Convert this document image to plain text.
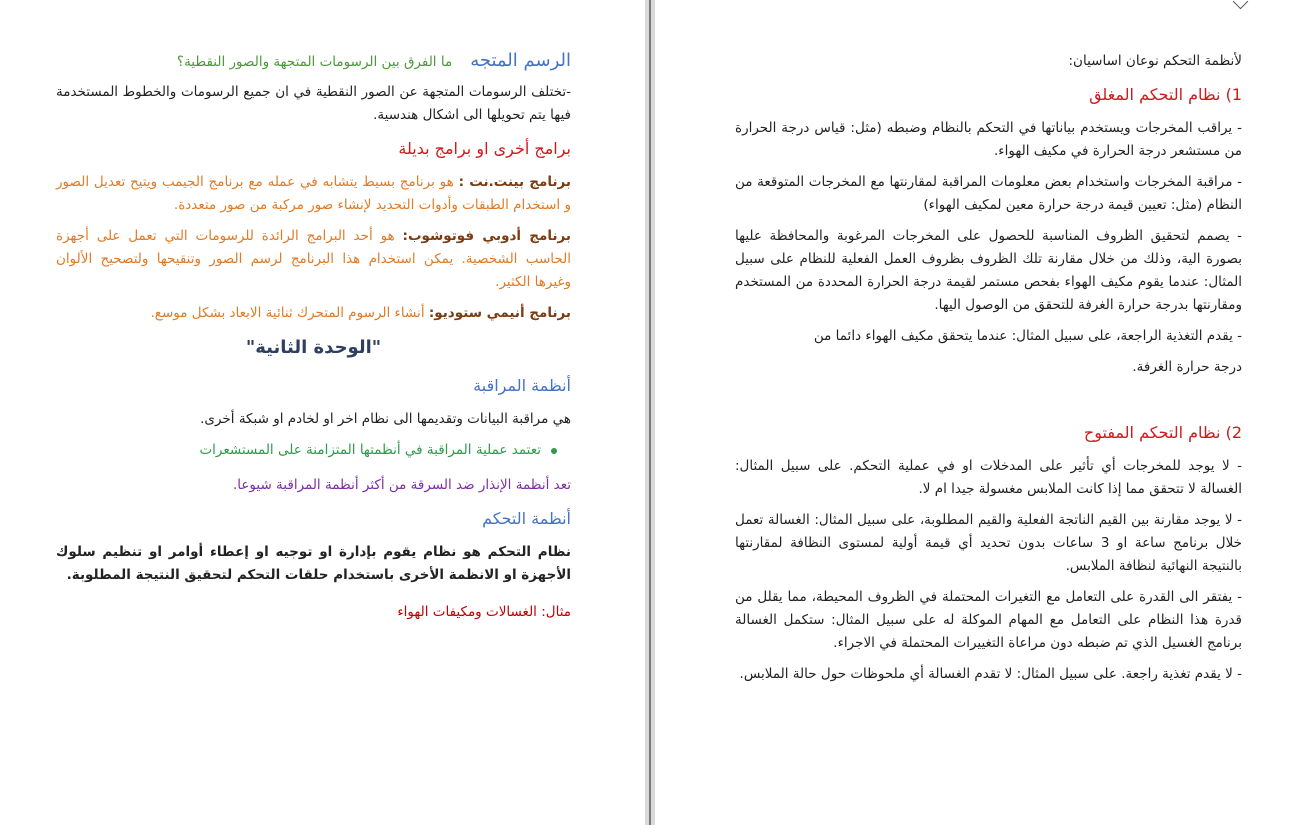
الرسم المتجه
ما الفرق بين الرسومات المتجهة والصور النقطية؟

-تختلف الرسومات المتجهة عن الصور النقطية في ان جميع الرسومات والخطوط المستخدمة فيها يتم تحويلها الى اشكال هندسية.

برامج أخرى او برامج بديلة

برنامج بينت.نت : هو برنامج بسيط يتشابه في عمله مع برنامج الجيمب ويتيح تعديل الصور و استخدام الطبقات وأدوات التحديد لإنشاء صور مركبة من صور متعددة.

برنامج أدوبي فوتوشوب: هو أحد البرامج الرائدة للرسومات التي تعمل على أجهزة الحاسب الشخصية. يمكن استخدام هذا البرنامج لرسم الصور وتنقيحها ولتصحيح الألوان وغيرها الكثير.

برنامج أنيمي ستوديو: أنشاء الرسوم المتحرك ثنائية الابعاد بشكل موسع.

"الوحدة الثانية"

أنظمة المراقبة

هي مراقبة البيانات وتقديمها الى نظام اخر او لخادم او شبكة أخرى.

تعتمد عملية المراقبة في أنظمتها المتزامنة على المستشعرات

تعد أنظمة الإنذار ضد السرقة من أكثر أنظمة المراقبة شيوعا.

أنظمة التحكم

نظام التحكم هو نظام يقوم بإدارة او توجيه او إعطاء أوامر او تنظيم سلوك الأجهزة او الانظمة الأخرى باستخدام حلقات التحكم لتحقيق النتيجة المطلوبة.

مثال: الغسالات ومكيفات الهواء

لأنظمة التحكم نوعان اساسيان:

1) نظام التحكم المغلق

- يراقب المخرجات ويستخدم بياناتها في التحكم بالنظام وضبطه (مثل: قياس درجة الحرارة من مستشعر درجة الحرارة في مكيف الهواء.

- مراقبة المخرجات واستخدام بعض معلومات المراقبة لمقارنتها مع المخرجات المتوقعة من النظام (مثل: تعيين قيمة درجة حرارة معين لمكيف الهواء)

- يصمم لتحقيق الظروف المناسبة للحصول على المخرجات المرغوبة والمحافظة عليها بصورة الية، وذلك من خلال مقارنة تلك الظروف بظروف العمل الفعلية للنظام على سبيل المثال: عندما يقوم مكيف الهواء بفحص مستمر لقيمة درجة الحرارة المحددة من المستخدم ومقارنتها بدرجة حرارة الغرفة للتحقق من الوصول اليها.

- يقدم التغذية الراجعة، على سبيل المثال: عندما يتحقق مكيف الهواء دائما من

درجة حرارة الغرفة.

2) نظام التحكم المفتوح

- لا يوجد للمخرجات أي تأثير على المدخلات او في عملية التحكم. على سبيل المثال: الغسالة لا تتحقق مما إذا كانت الملابس مغسولة جيدا ام لا.

- لا يوجد مقارنة بين القيم الناتجة الفعلية والقيم المطلوبة، على سبيل المثال: الغسالة تعمل خلال برنامج ساعة او 3 ساعات بدون تحديد أي قيمة أولية لمستوى النظافة لمقارنتها بالنتيجة النهائية لنظافة الملابس.

- يفتقر الى القدرة على التعامل مع التغيرات المحتملة في الظروف المحيطة، مما يقلل من قدرة هذا النظام على التعامل مع المهام الموكلة له على سبيل المثال: ستكمل الغسالة برنامج الغسيل الذي تم ضبطه دون مراعاة التغييرات المحتملة في الاجراء.

- لا يقدم تغذية راجعة. على سبيل المثال: لا تقدم الغسالة أي ملحوظات حول حالة الملابس.
